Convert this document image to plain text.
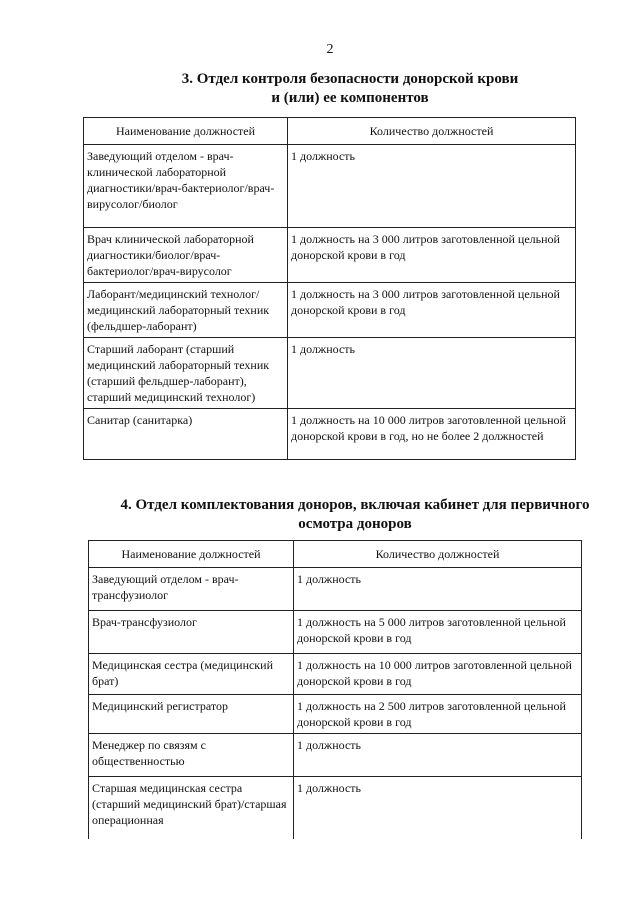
2
3. Отдел контроля безопасности донорской крови
и (или) ее компонентов
Наименование должностей	Количество должностей
Заведующий отделом - врач-клинической лабораторной диагностики/врач-бактериолог/врач-вирусолог/биолог	1 должность
Врач клинической лабораторной диагностики/биолог/врач-бактериолог/врач-вирусолог	1 должность на 3 000 литров заготовленной цельной донорской крови в год
Лаборант/медицинский технолог/ медицинский лабораторный техник (фельдшер-лаборант)	1 должность на 3 000 литров заготовленной цельной донорской крови в год
Старший лаборант (старший медицинский лабораторный техник (старший фельдшер-лаборант), старший медицинский технолог)	1 должность
Санитар (санитарка)	1 должность на 10 000 литров заготовленной цельной донорской крови в год, но не более 2 должностей
4. Отдел комплектования доноров, включая кабинет для первичного
осмотра доноров
Наименование должностей	Количество должностей
Заведующий отделом - врач-трансфузиолог	1 должность
Врач-трансфузиолог	1 должность на 5 000 литров заготовленной цельной донорской крови в год
Медицинская сестра (медицинский брат)	1 должность на 10 000 литров заготовленной цельной донорской крови в год
Медицинский регистратор	1 должность на 2 500 литров заготовленной цельной донорской крови в год
Менеджер по связям с общественностью	1 должность
Старшая медицинская сестра (старший медицинский брат)/старшая операционная	1 должность
